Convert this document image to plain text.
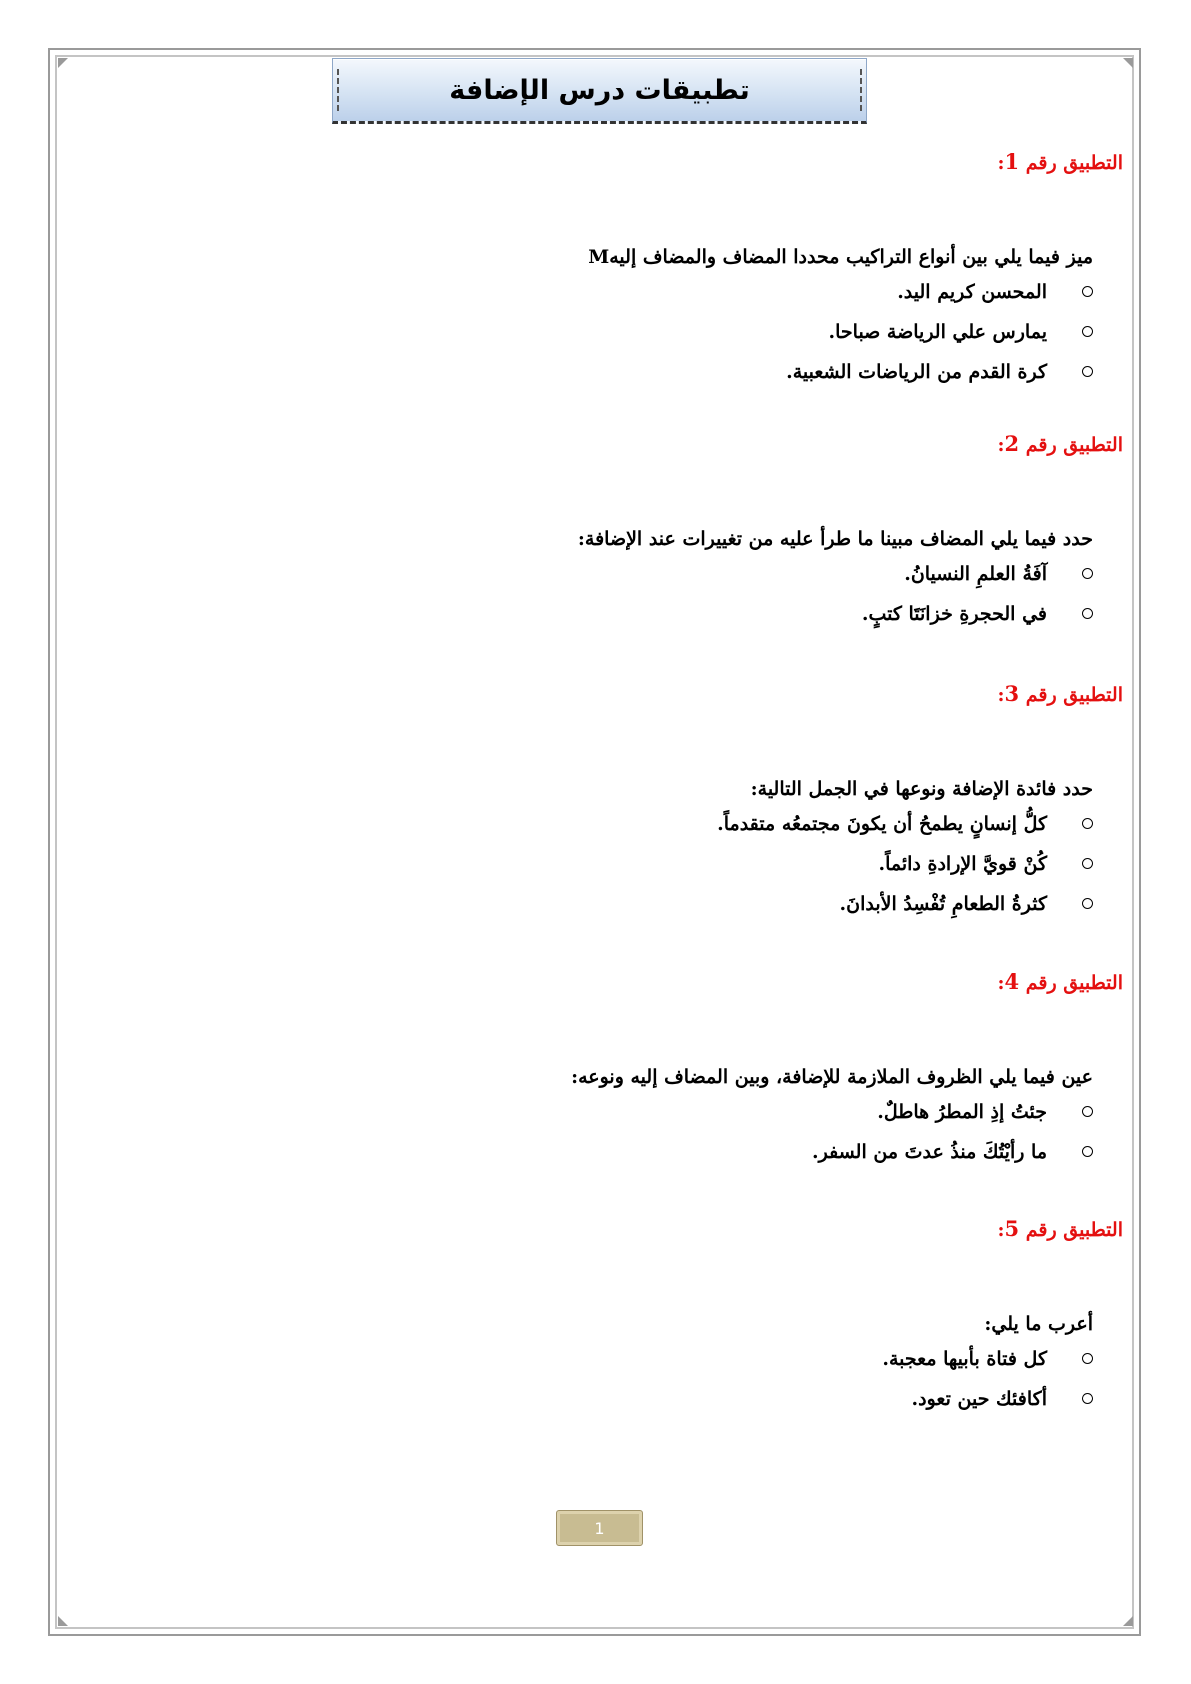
تطبيقات درس الإضافة

التطبيق رقم 1:

ميز فيما يلي بين أنواع التراكيب محددا المضاف والمضاف إليهM

المحسن كريم اليد.
يمارس علي الرياضة صباحا.
كرة القدم من الرياضات الشعبية.

التطبيق رقم 2:

حدد فيما يلي المضاف مبينا ما طرأ عليه من تغييرات عند الإضافة:

آفَةُ العلمِ النسيانُ.
في الحجرةِ خزانَتَا كتبٍ.

التطبيق رقم 3:

حدد فائدة الإضافة ونوعها في الجمل التالية:

كلُّ إنسانٍ يطمحُ أن يكونَ مجتمعُه متقدماً.
كُنْ قويَّ الإرادةِ دائماً.
كثرةُ الطعامِ تُفْسِدُ الأبدانَ.

التطبيق رقم 4:

عين فيما يلي الظروف الملازمة للإضافة، وبين المضاف إليه ونوعه:

جئتُ إذِ المطرُ هاطلٌ.
ما رأيْتُكَ منذُ عدتَ من السفر.

التطبيق رقم 5:

أعرب ما يلي:

كل فتاة بأبيها معجبة.
أكافئك حين تعود.
1
